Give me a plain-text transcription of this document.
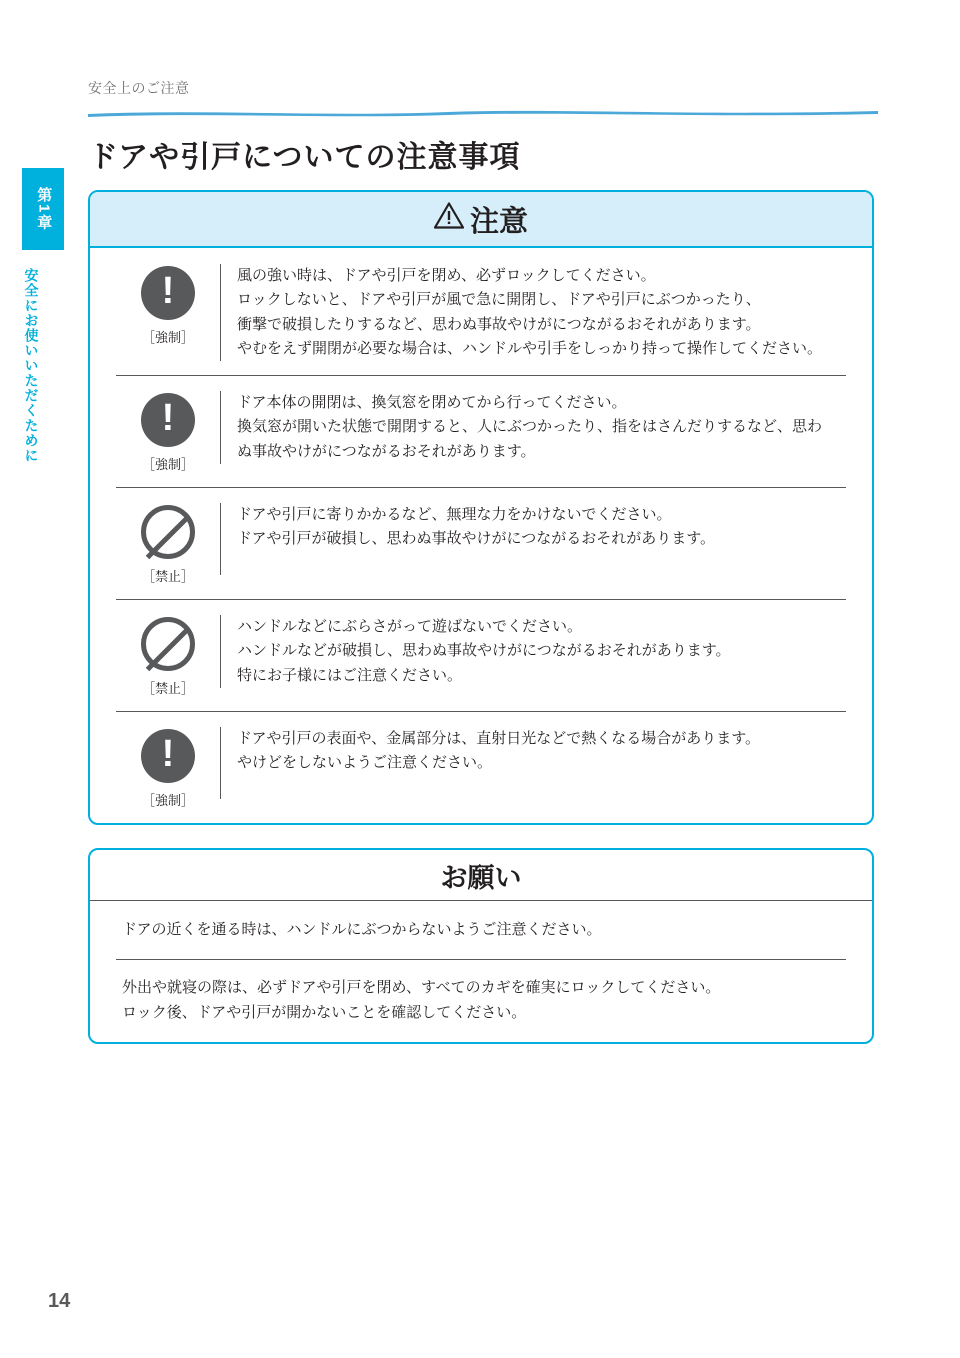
安全上のご注意
第1章
安全にお使いいただくために
ドアや引戸についての注意事項
注意
!
［強制］

風の強い時は、ドアや引戸を閉め、必ずロックしてください。

ロックしないと、ドアや引戸が風で急に開閉し、ドアや引戸にぶつかったり、

衝撃で破損したりするなど、思わぬ事故やけがにつながるおそれがあります。

やむをえず開閉が必要な場合は、ハンドルや引手をしっかり持って操作してください。

!
［強制］

ドア本体の開閉は、換気窓を閉めてから行ってください。

換気窓が開いた状態で開閉すると、人にぶつかったり、指をはさんだりするなど、思わ

ぬ事故やけがにつながるおそれがあります。

［禁止］

ドアや引戸に寄りかかるなど、無理な力をかけないでください。

ドアや引戸が破損し、思わぬ事故やけがにつながるおそれがあります。

［禁止］

ハンドルなどにぶらさがって遊ばないでください。

ハンドルなどが破損し、思わぬ事故やけがにつながるおそれがあります。

特にお子様にはご注意ください。

!
［強制］

ドアや引戸の表面や、金属部分は、直射日光などで熱くなる場合があります。

やけどをしないようご注意ください。

お願い

ドアの近くを通る時は、ハンドルにぶつからないようご注意ください。

外出や就寝の際は、必ずドアや引戸を閉め、すべてのカギを確実にロックしてください。

ロック後、ドアや引戸が開かないことを確認してください。

14
